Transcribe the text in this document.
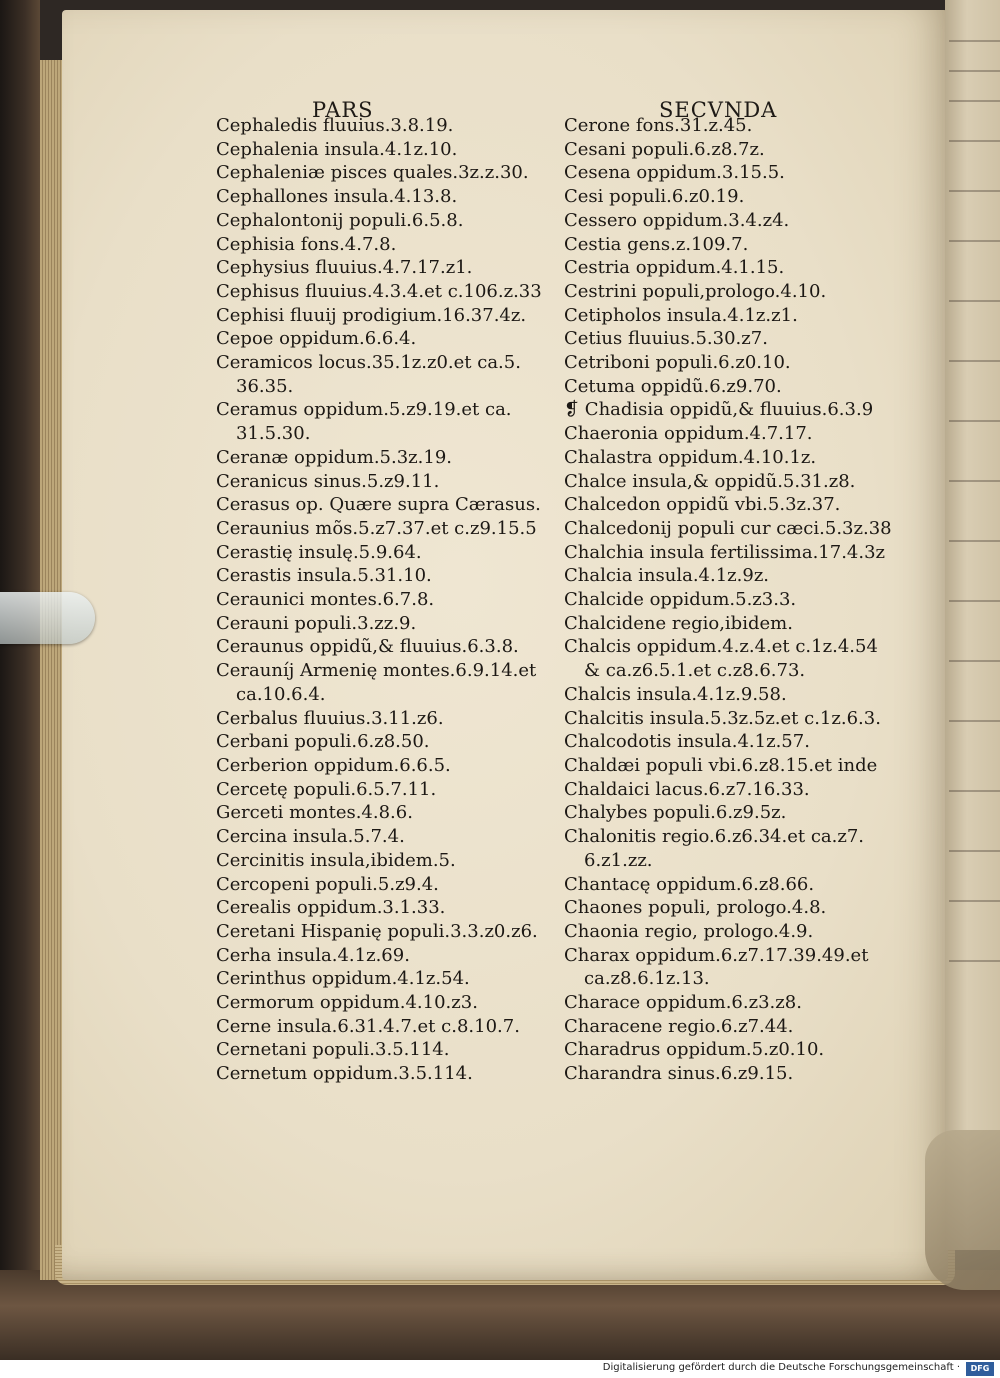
PARS	SECVNDA
Cephaledis fluuius.3.8.19.
Cephalenia insula.4.1z.10.
Cephaleniæ pisces quales.3z.z.30.
Cephallones insula.4.13.8.
Cephalontonij populi.6.5.8.
Cephisia fons.4.7.8.
Cephysius fluuius.4.7.17.z1.
Cephisus fluuius.4.3.4.et c.106.z.33
Cephisi fluuij prodigium.16.37.4z.
Cepoe oppidum.6.6.4.
Ceramicos locus.35.1z.z0.et ca.5.
36.35.
Ceramus oppidum.5.z9.19.et ca.
31.5.30.
Ceranæ oppidum.5.3z.19.
Ceranicus sinus.5.z9.11.
Cerasus op. Quære supra Cærasus.
Ceraunius mõs.5.z7.37.et c.z9.15.5
Cerastię insulę.5.9.64.
Cerastis insula.5.31.10.
Ceraunici montes.6.7.8.
Cerauni populi.3.zz.9.
Ceraunus oppidũ,& fluuius.6.3.8.
Cerauníj Armenię montes.6.9.14.et
ca.10.6.4.
Cerbalus fluuius.3.11.z6.
Cerbani populi.6.z8.50.
Cerberion oppidum.6.6.5.
Cercetę populi.6.5.7.11.
Gerceti montes.4.8.6.
Cercina insula.5.7.4.
Cercinitis insula,ibidem.5.
Cercopeni populi.5.z9.4.
Cerealis oppidum.3.1.33.
Ceretani Hispanię populi.3.3.z0.z6.
Cerha insula.4.1z.69.
Cerinthus oppidum.4.1z.54.
Cermorum oppidum.4.10.z3.
Cerne insula.6.31.4.7.et c.8.10.7.
Cernetani populi.3.5.114.
Cernetum oppidum.3.5.114.
Cerone fons.31.z.45.
Cesani populi.6.z8.7z.
Cesena oppidum.3.15.5.
Cesi populi.6.z0.19.
Cessero oppidum.3.4.z4.
Cestia gens.z.109.7.
Cestria oppidum.4.1.15.
Cestrini populi,prologo.4.10.
Cetipholos insula.4.1z.z1.
Cetius fluuius.5.30.z7.
Cetriboni populi.6.z0.10.
Cetuma oppidũ.6.z9.70.
❡ Chadisia oppidũ,& fluuius.6.3.9
Chaeronia oppidum.4.7.17.
Chalastra oppidum.4.10.1z.
Chalce insula,& oppidũ.5.31.z8.
Chalcedon oppidũ vbi.5.3z.37.
Chalcedonij populi cur cæci.5.3z.38
Chalchia insula fertilissima.17.4.3z
Chalcia insula.4.1z.9z.
Chalcide oppidum.5.z3.3.
Chalcidene regio,ibidem.
Chalcis oppidum.4.z.4.et c.1z.4.54
& ca.z6.5.1.et c.z8.6.73.
Chalcis insula.4.1z.9.58.
Chalcitis insula.5.3z.5z.et c.1z.6.3.
Chalcodotis insula.4.1z.57.
Chaldæi populi vbi.6.z8.15.et inde
Chaldaici lacus.6.z7.16.33.
Chalybes populi.6.z9.5z.
Chalonitis regio.6.z6.34.et ca.z7.
6.z1.zz.
Chantacę oppidum.6.z8.66.
Chaones populi, prologo.4.8.
Chaonia regio, prologo.4.9.
Charax oppidum.6.z7.17.39.49.et
ca.z8.6.1z.13.
Charace oppidum.6.z3.z8.
Characene regio.6.z7.44.
Charadrus oppidum.5.z0.10.
Charandra sinus.6.z9.15.
Digitalisierung gefördert durch die Deutsche Forschungsgemeinschaft ·	DFG
